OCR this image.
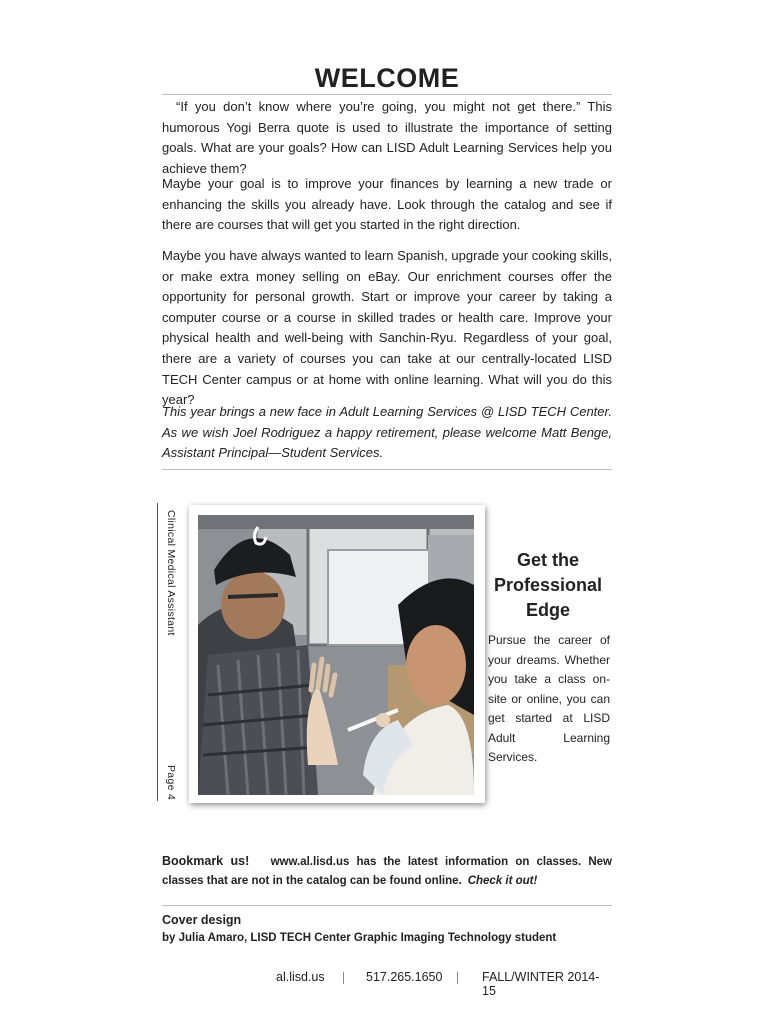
WELCOME

“If you don’t know where you’re going, you might not get there.” This humorous Yogi Berra quote is used to illustrate the importance of setting goals. What are your goals? How can LISD Adult Learning Services help you achieve them?

Maybe your goal is to improve your finances by learning a new trade or enhancing the skills you already have. Look through the catalog and see if there are courses that will get you started in the right direction.

Maybe you have always wanted to learn Spanish, upgrade your cooking skills, or make extra money selling on eBay. Our enrichment courses offer the opportunity for personal growth. Start or improve your career by taking a computer course or a course in skilled trades or health care. Improve your physical health and well-being with Sanchin-Ryu. Regardless of your goal, there are a variety of courses you can take at our centrally-located LISD TECH Center campus or at home with online learning. What will you do this year?

This year brings a new face in Adult Learning Services @ LISD TECH Center. As we wish Joel Rodriguez a happy retirement, please welcome Matt Benge, Assistant Principal—Student Services.

Clinical Medical Assistant
Page 4
Get the Professional Edge

Pursue the career of your dreams. Whether you take a class on-site or online, you can get started at LISD Adult Learning Services.

Bookmark us! www.al.lisd.us has the latest information on classes. New classes that are not in the catalog can be found online. Check it out!

Cover design
by Julia Amaro, LISD TECH Center Graphic Imaging Technology student
al.lisd.us	517.265.1650	FALL/WINTER 2014-15
